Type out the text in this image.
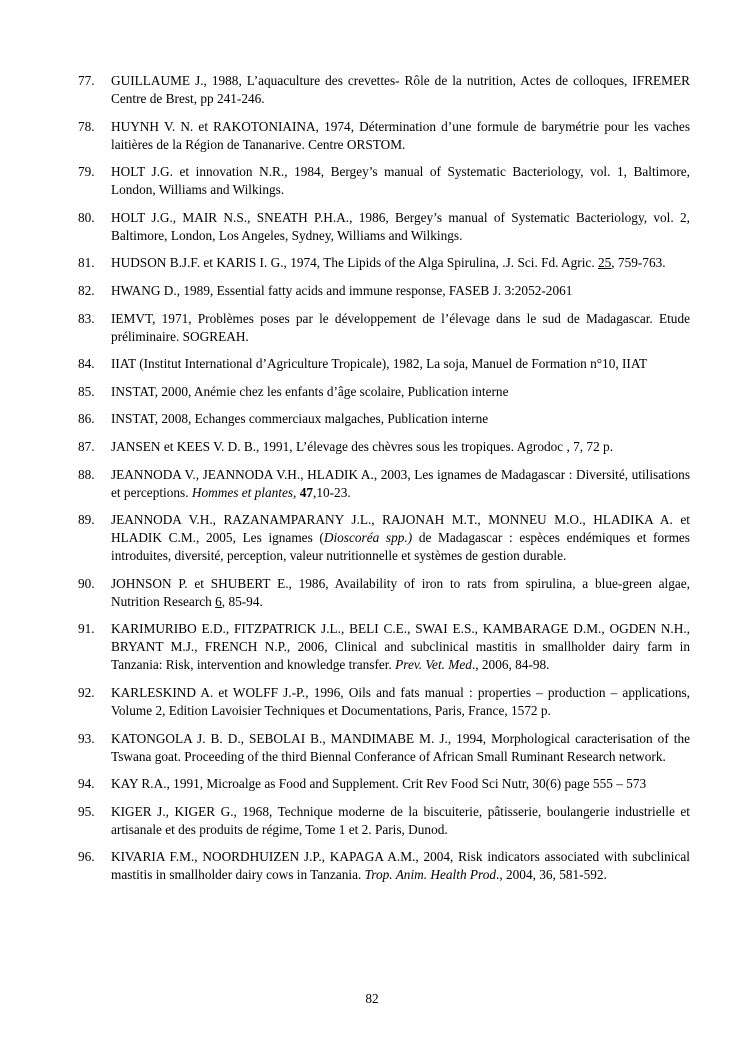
77.	GUILLAUME J., 1988, L’aquaculture des crevettes- Rôle de la nutrition, Actes de colloques, IFREMER Centre de Brest, pp 241-246.
78.	HUYNH V. N. et RAKOTONIAINA, 1974, Détermination d’une formule de barymétrie pour les vaches laitières de la Région de Tananarive. Centre ORSTOM.
79.	HOLT J.G. et innovation N.R., 1984, Bergey’s manual of Systematic Bacteriology, vol. 1, Baltimore, London, Williams and Wilkings.
80.	HOLT J.G., MAIR N.S., SNEATH P.H.A., 1986, Bergey’s manual of Systematic Bacteriology, vol. 2, Baltimore, London, Los Angeles, Sydney, Williams and Wilkings.
81.	HUDSON B.J.F. et KARIS I. G., 1974, The Lipids of the Alga Spirulina, .J. Sci. Fd. Agric. 25, 759-763.
82.	HWANG D., 1989, Essential fatty acids and immune response, FASEB J. 3:2052-2061
83.	IEMVT, 1971, Problèmes poses par le développement de l’élevage dans le sud de Madagascar. Etude préliminaire. SOGREAH.
84.	IIAT (Institut International d’Agriculture Tropicale), 1982, La soja, Manuel de Formation n°10, IIAT
85.	INSTAT, 2000, Anémie chez les enfants d’âge scolaire, Publication interne
86.	INSTAT, 2008, Echanges commerciaux malgaches, Publication interne
87.	JANSEN et KEES V. D. B., 1991, L’élevage des chèvres sous les tropiques. Agrodoc , 7, 72 p.
88.	JEANNODA V., JEANNODA V.H., HLADIK A., 2003, Les ignames de Madagascar : Diversité, utilisations et perceptions. Hommes et plantes, 47,10-23.
89.	JEANNODA V.H., RAZANAMPARANY J.L., RAJONAH M.T., MONNEU M.O., HLADIKA A. et HLADIK C.M., 2005, Les ignames (Dioscoréa spp.) de Madagascar : espèces endémiques et formes introduites, diversité, perception, valeur nutritionnelle et systèmes de gestion durable.
90.	JOHNSON P. et SHUBERT E., 1986, Availability of iron to rats from spirulina, a blue-green algae, Nutrition Research 6, 85-94.
91.	KARIMURIBO E.D., FITZPATRICK J.L., BELI C.E., SWAI E.S., KAMBARAGE D.M., OGDEN N.H., BRYANT M.J., FRENCH N.P., 2006, Clinical and subclinical mastitis in smallholder dairy farm in Tanzania: Risk, intervention and knowledge transfer. Prev. Vet. Med., 2006, 84-98.
92.	KARLESKIND A. et WOLFF J.-P., 1996, Oils and fats manual : properties – production – applications, Volume 2, Edition Lavoisier Techniques et Documentations, Paris, France, 1572 p.
93.	KATONGOLA J. B. D., SEBOLAI B., MANDIMABE M. J., 1994, Morphological caracterisation of the Tswana goat. Proceeding of the third Biennal Conferance of African Small Ruminant Research network.
94.	KAY R.A., 1991, Microalge as Food and Supplement. Crit Rev Food Sci Nutr, 30(6) page 555 – 573
95.	KIGER J., KIGER G., 1968, Technique moderne de la biscuiterie, pâtisserie, boulangerie industrielle et artisanale et des produits de régime, Tome 1 et 2. Paris, Dunod.
96.	KIVARIA F.M., NOORDHUIZEN J.P., KAPAGA A.M., 2004, Risk indicators associated with subclinical mastitis in smallholder dairy cows in Tanzania. Trop. Anim. Health Prod., 2004, 36, 581-592.
82
